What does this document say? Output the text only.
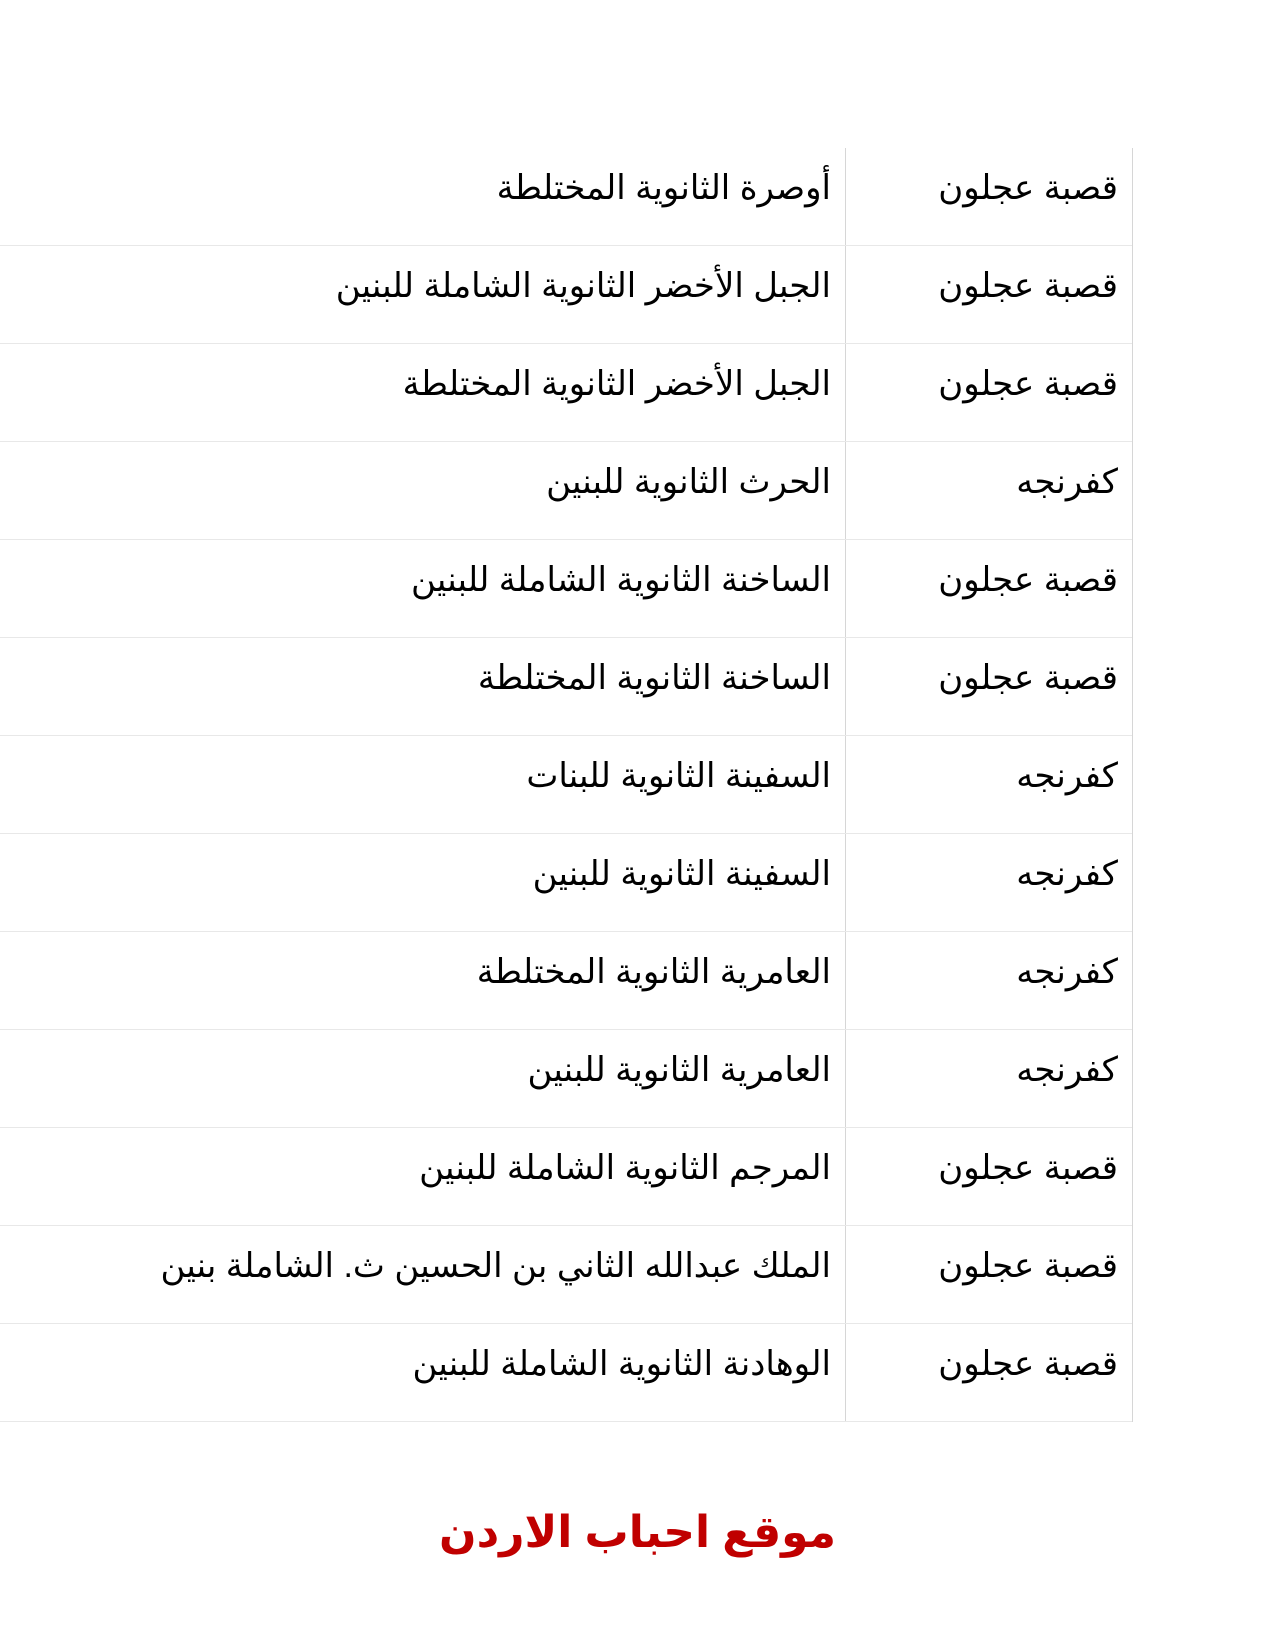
أوصرة الثانوية المختلطة	قصبة عجلون
الجبل الأخضر الثانوية الشاملة للبنين	قصبة عجلون
الجبل الأخضر الثانوية المختلطة	قصبة عجلون
الحرث الثانوية للبنين	كفرنجه
الساخنة الثانوية الشاملة للبنين	قصبة عجلون
الساخنة الثانوية المختلطة	قصبة عجلون
السفينة الثانوية للبنات	كفرنجه
السفينة الثانوية للبنين	كفرنجه
العامرية الثانوية المختلطة	كفرنجه
العامرية الثانوية للبنين	كفرنجه
المرجم الثانوية الشاملة للبنين	قصبة عجلون
الملك عبدالله الثاني بن الحسين ث. الشاملة بنين	قصبة عجلون
الوهادنة الثانوية الشاملة للبنين	قصبة عجلون
موقع احباب الاردن
